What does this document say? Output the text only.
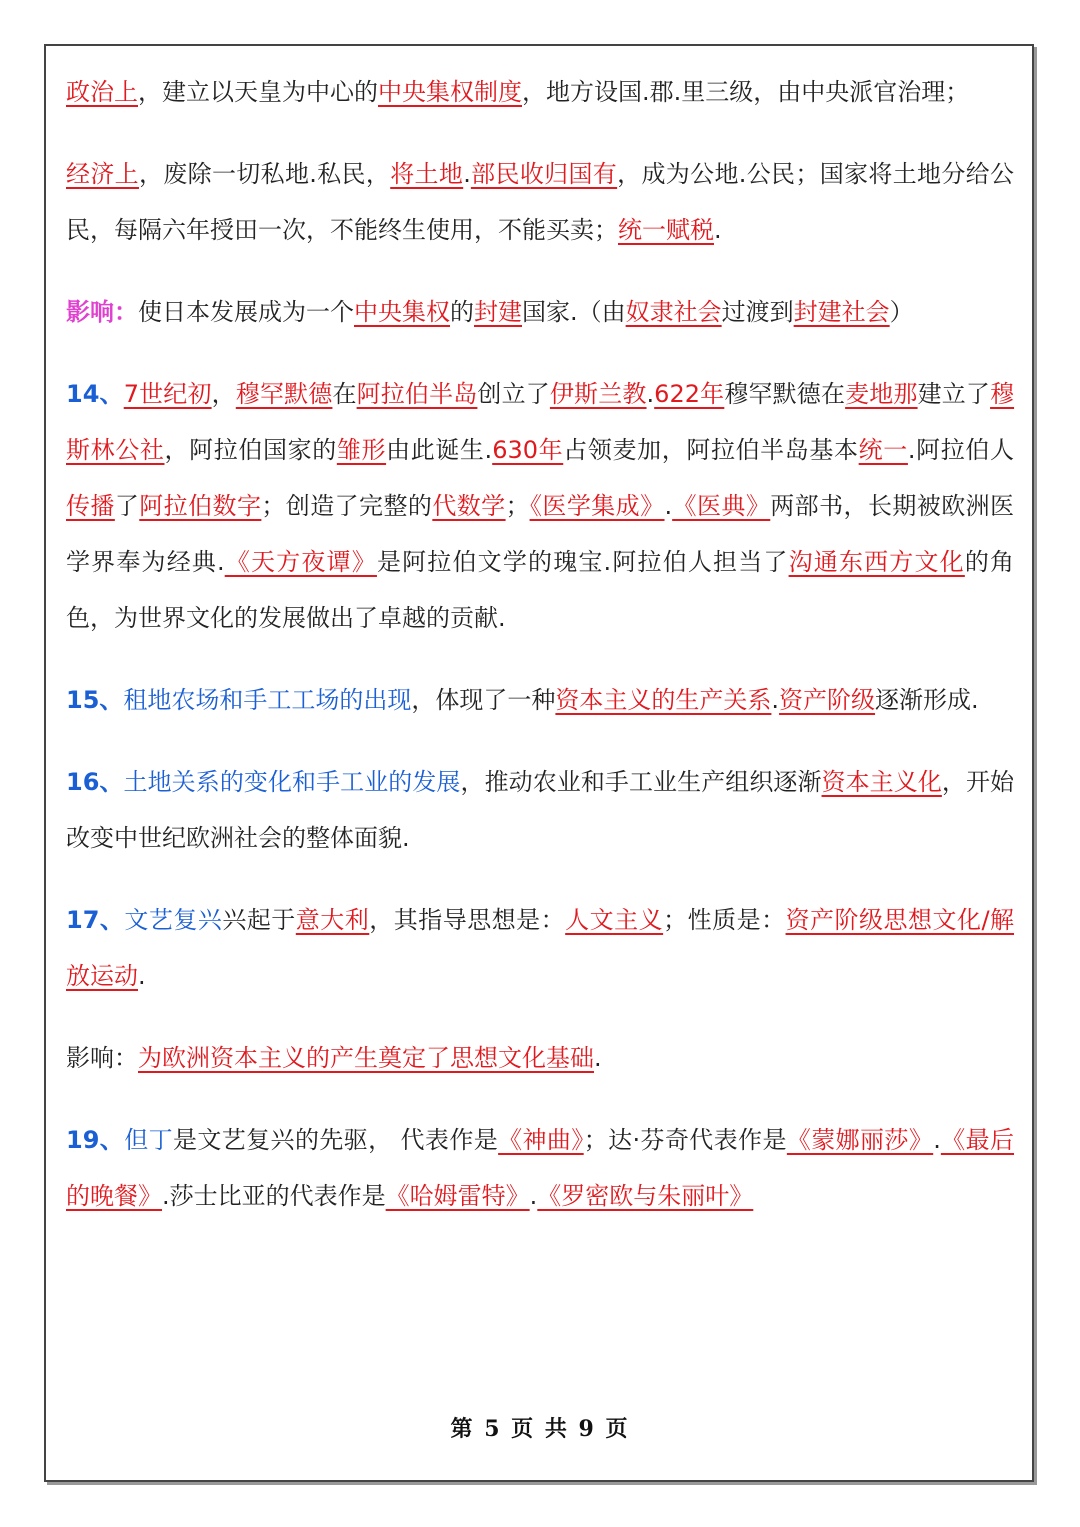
政治上，建立以天皇为中心的中央集权制度，地方设国.郡.里三级，由中央派官治理；

经济上，废除一切私地.私民，将土地.部民收归国有，成为公地.公民；国家将土地分给公民，每隔六年授田一次，不能终生使用，不能买卖；统一赋税.

影响：使日本发展成为一个中央集权的封建国家.（由奴隶社会过渡到封建社会）

14、7世纪初，穆罕默德在阿拉伯半岛创立了伊斯兰教.622年穆罕默德在麦地那建立了穆斯林公社，阿拉伯国家的雏形由此诞生.630年占领麦加，阿拉伯半岛基本统一.阿拉伯人传播了阿拉伯数字；创造了完整的代数学；《医学集成》.《医典》两部书，长期被欧洲医学界奉为经典.《天方夜谭》是阿拉伯文学的瑰宝.阿拉伯人担当了沟通东西方文化的角色，为世界文化的发展做出了卓越的贡献.

15、租地农场和手工工场的出现，体现了一种资本主义的生产关系.资产阶级逐渐形成.

16、土地关系的变化和手工业的发展，推动农业和手工业生产组织逐渐资本主义化，开始改变中世纪欧洲社会的整体面貌.

17、文艺复兴兴起于意大利，其指导思想是：人文主义；性质是：资产阶级思想文化/解放运动.

影响：为欧洲资本主义的产生奠定了思想文化基础.

19、但丁是文艺复兴的先驱， 代表作是《神曲》；达·芬奇代表作是《蒙娜丽莎》.《最后的晚餐》.莎士比亚的代表作是《哈姆雷特》.《罗密欧与朱丽叶》

第 5 页 共 9 页
